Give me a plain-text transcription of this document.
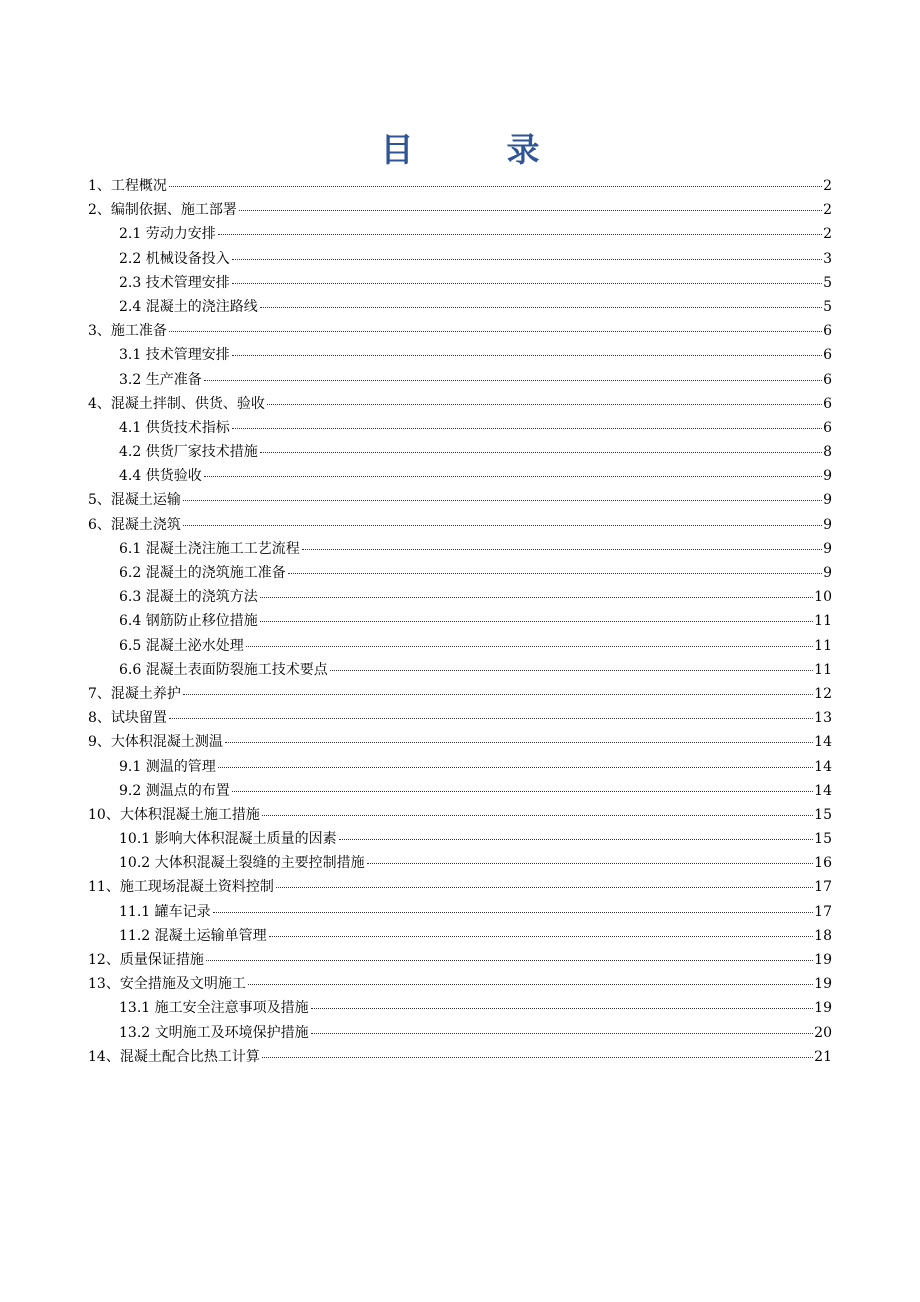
目　录
1、工程概况	2
2、编制依据、施工部署	2
2.1 劳动力安排	2
2.2 机械设备投入	3
2.3 技术管理安排	5
2.4 混凝土的浇注路线	5
3、施工准备	6
3.1 技术管理安排	6
3.2 生产准备	6
4、混凝土拌制、供货、验收	6
4.1 供货技术指标	6
4.2 供货厂家技术措施	8
4.4 供货验收	9
5、混凝土运输	9
6、混凝土浇筑	9
6.1 混凝土浇注施工工艺流程	9
6.2 混凝土的浇筑施工准备	9
6.3 混凝土的浇筑方法	10
6.4 钢筋防止移位措施	11
6.5 混凝土泌水处理	11
6.6 混凝土表面防裂施工技术要点	11
7、混凝土养护	12
8、试块留置	13
9、大体积混凝土测温	14
9.1 测温的管理	14
9.2 测温点的布置	14
10、大体积混凝土施工措施	15
10.1 影响大体积混凝土质量的因素	15
10.2 大体积混凝土裂缝的主要控制措施	16
11、施工现场混凝土资料控制	17
11.1 罐车记录	17
11.2 混凝土运输单管理	18
12、质量保证措施	19
13、安全措施及文明施工	19
13.1 施工安全注意事项及措施	19
13.2 文明施工及环境保护措施	20
14、混凝土配合比热工计算	21
